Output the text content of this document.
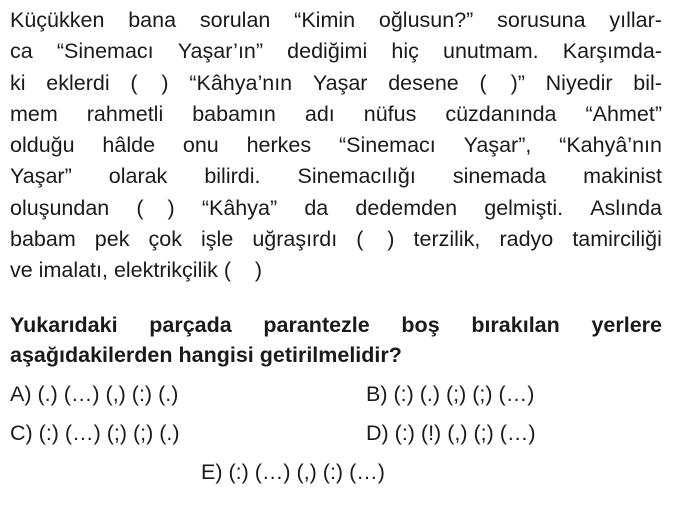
Küçükken bana sorulan “Kimin oğlusun?” sorusuna yıllar-
ca “Sinemacı Yaşar’ın” dediğimi hiç unutmam. Karşımda-
ki eklerdi (    ) “Kâhya’nın Yaşar desene (    )” Niyedir bil-
mem rahmetli babamın adı nüfus cüzdanında “Ahmet”
olduğu hâlde onu herkes “Sinemacı Yaşar”, “Kahyâ’nın
Yaşar” olarak bilirdi. Sinemacılığı sinemada makinist
oluşundan (    ) “Kâhya” da dedemden gelmişti. Aslında
babam pek çok işle uğraşırdı (    ) terzilik, radyo tamirciliği
ve imalatı, elektrikçilik (    )
Yukarıdaki parçada parantezle boş bırakılan yerlere
aşağıdakilerden hangisi getirilmelidir?
A) (.) (…) (,) (:) (.)	B) (:) (.) (;) (;) (…)
C) (:) (…) (;) (;) (.)	D) (:) (!) (,) (;) (…)
E) (:) (…) (,) (:) (…)
